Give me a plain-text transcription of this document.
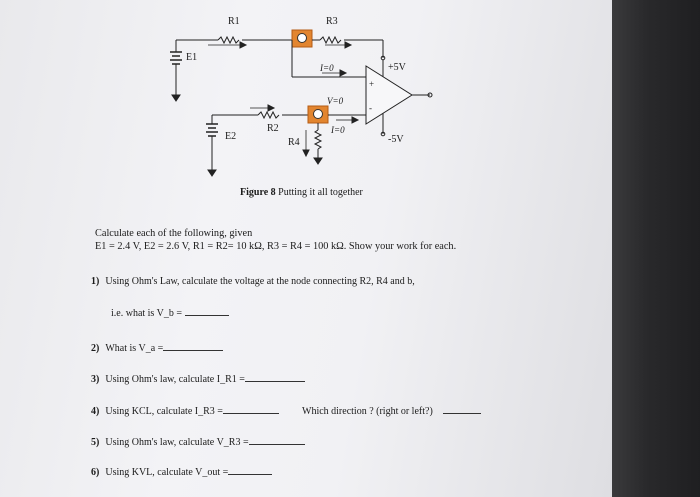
R1	R3
E1
E2
R2
R4
I=0
V=0
I=0
+5V
-5V
+
-
Figure 8 Putting it all together
Calculate each of the following, given
E1 = 2.4 V, E2 = 2.6 V, R1 = R2= 10 kΩ, R3 = R4 = 100 kΩ. Show your work for each.
1) Using Ohm's Law, calculate the voltage at the node connecting R2, R4 and b,
i.e. what is V_b =
2) What is V_a =
3) Using Ohm's law, calculate I_R1 =
4) Using KCL, calculate I_R3 =	Which direction ? (right or left?)
5) Using Ohm's law, calculate V_R3 =
6) Using KVL, calculate V_out =
